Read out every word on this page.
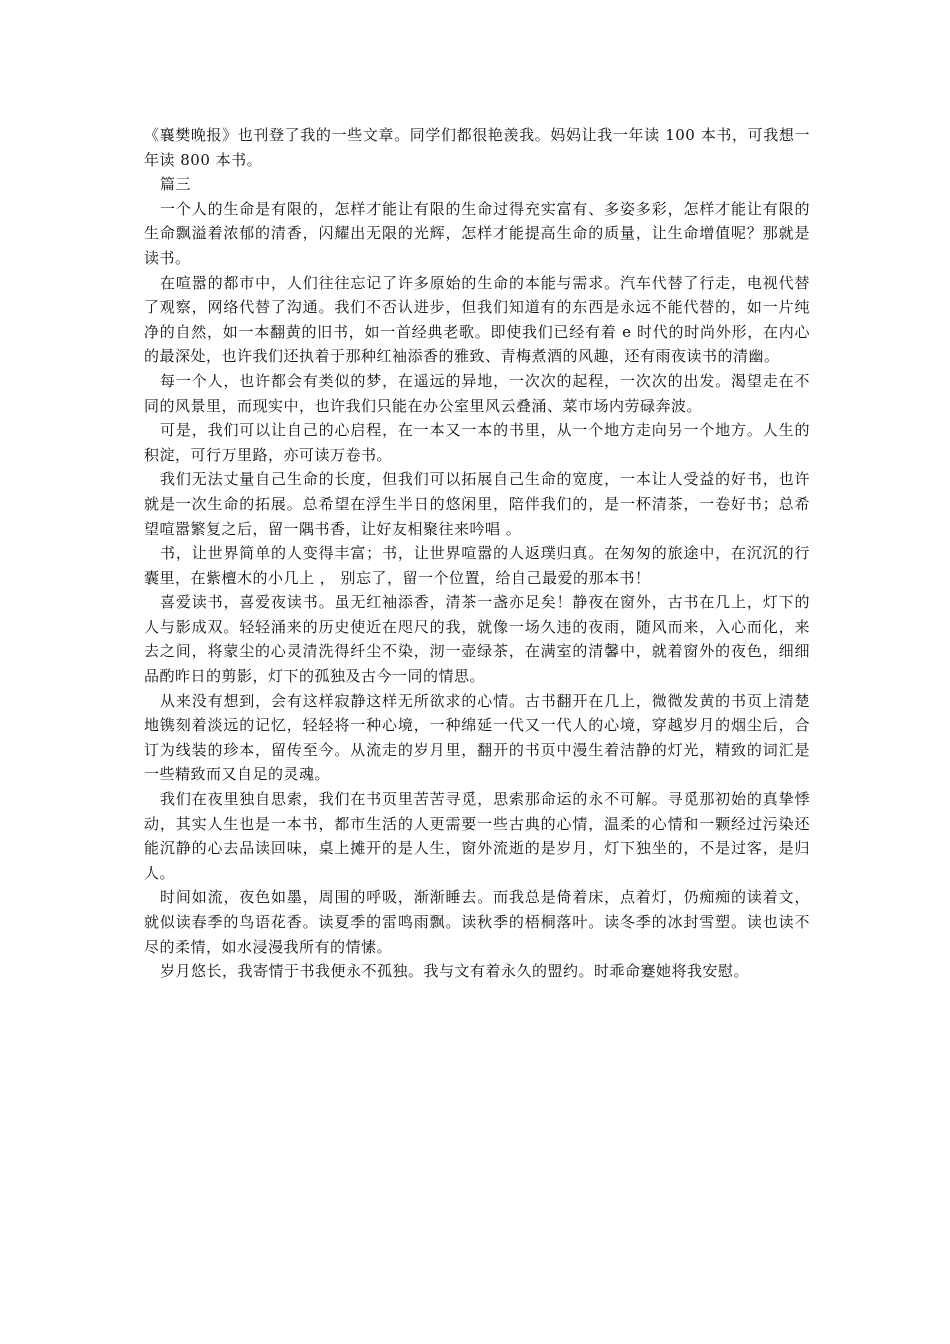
《襄樊晚报》也刊登了我的一些文章。同学们都很艳羡我。妈妈让我一年读 100 本书，可我想一年读 800 本书。

篇三

一个人的生命是有限的，怎样才能让有限的生命过得充实富有、多姿多彩，怎样才能让有限的生命飘溢着浓郁的清香，闪耀出无限的光辉，怎样才能提高生命的质量，让生命增值呢？那就是读书。

在喧嚣的都市中，人们往往忘记了许多原始的生命的本能与需求。汽车代替了行走，电视代替了观察，网络代替了沟通。我们不否认进步，但我们知道有的东西是永远不能代替的，如一片纯净的自然，如一本翻黄的旧书，如一首经典老歌。即使我们已经有着 e 时代的时尚外形，在内心的最深处，也许我们还执着于那种红袖添香的雅致、青梅煮酒的风趣，还有雨夜读书的清幽。

每一个人，也许都会有类似的梦，在遥远的异地，一次次的起程，一次次的出发。渴望走在不同的风景里，而现实中，也许我们只能在办公室里风云叠涌、菜市场内劳碌奔波。

可是，我们可以让自己的心启程，在一本又一本的书里，从一个地方走向另一个地方。人生的积淀，可行万里路，亦可读万卷书。

我们无法丈量自己生命的长度，但我们可以拓展自己生命的宽度，一本让人受益的好书，也许就是一次生命的拓展。总希望在浮生半日的悠闲里，陪伴我们的，是一杯清茶，一卷好书；总希望喧嚣繁复之后，留一隅书香，让好友相聚往来吟唱 。

书，让世界简单的人变得丰富；书，让世界喧嚣的人返璞归真。在匆匆的旅途中，在沉沉的行囊里，在紫檀木的小几上 ， 别忘了，留一个位置，给自己最爱的那本书！

喜爱读书，喜爱夜读书。虽无红袖添香，清茶一盏亦足矣！静夜在窗外，古书在几上，灯下的人与影成双。轻轻涌来的历史使近在咫尺的我，就像一场久违的夜雨，随风而来，入心而化，来去之间，将蒙尘的心灵清洗得纤尘不染，沏一壶绿茶，在满室的清馨中，就着窗外的夜色，细细品酌昨日的剪影，灯下的孤独及古今一同的情思。

从来没有想到，会有这样寂静这样无所欲求的心情。古书翻开在几上，微微发黄的书页上清楚地镌刻着淡远的记忆，轻轻将一种心境，一种绵延一代又一代人的心境，穿越岁月的烟尘后，合订为线装的珍本，留传至今。从流走的岁月里，翻开的书页中漫生着洁静的灯光，精致的词汇是一些精致而又自足的灵魂。

我们在夜里独自思索，我们在书页里苦苦寻觅，思索那命运的永不可解。寻觅那初始的真挚悸动，其实人生也是一本书，都市生活的人更需要一些古典的心情，温柔的心情和一颗经过污染还能沉静的心去品读回味，桌上摊开的是人生，窗外流逝的是岁月，灯下独坐的，不是过客，是归人。

时间如流，夜色如墨，周围的呼吸，渐渐睡去。而我总是倚着床，点着灯，仍痴痴的读着文，就似读春季的鸟语花香。读夏季的雷鸣雨飘。读秋季的梧桐落叶。读冬季的冰封雪塑。读也读不尽的柔情，如水浸漫我所有的情愫。

岁月悠长，我寄情于书我便永不孤独。我与文有着永久的盟约。时乖命蹇她将我安慰。
